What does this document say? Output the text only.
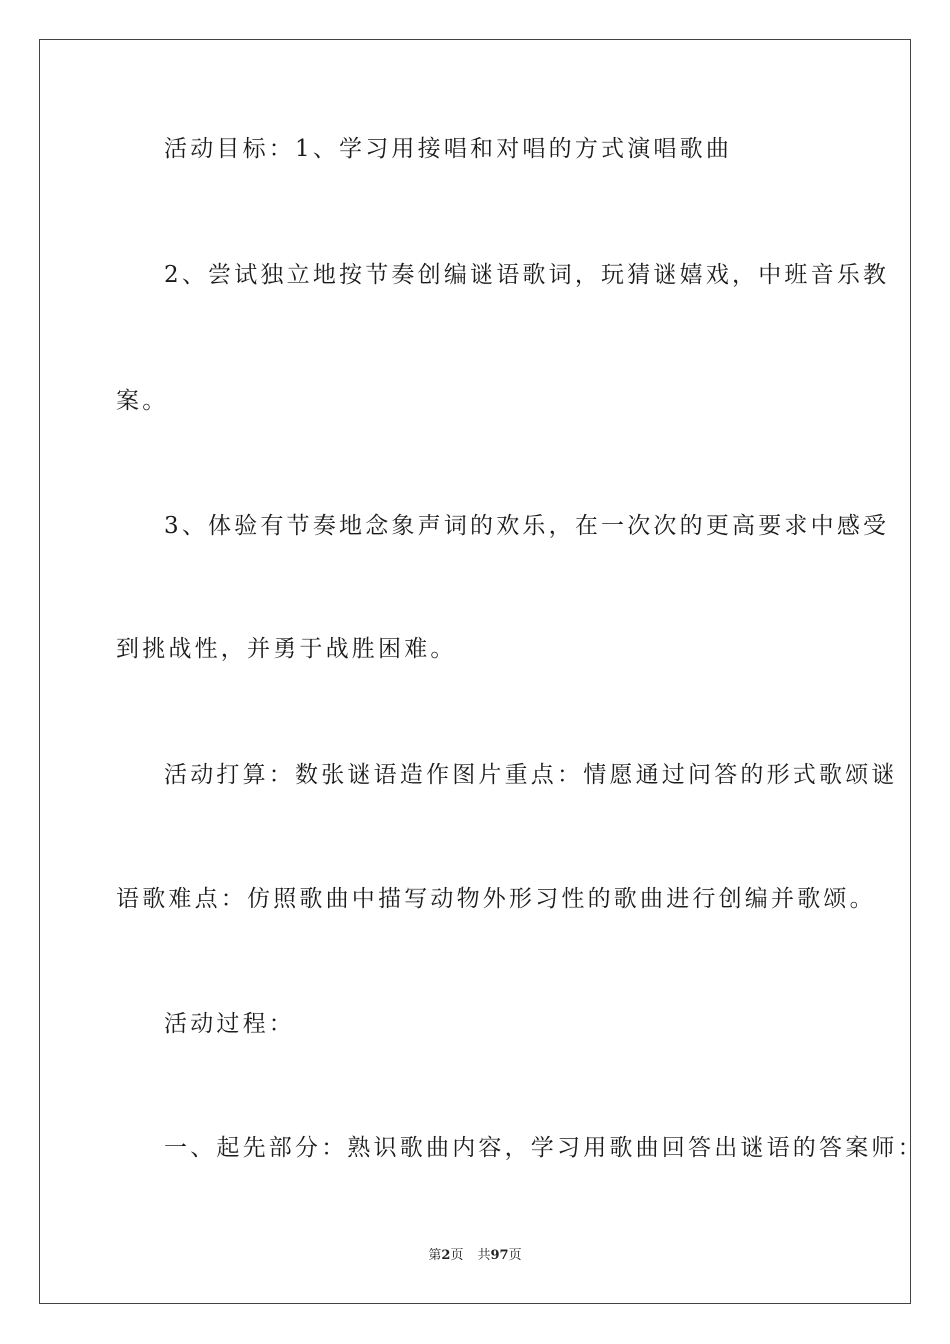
活动目标：1、学习用接唱和对唱的方式演唱歌曲
2、尝试独立地按节奏创编谜语歌词，玩猜谜嬉戏，中班音乐教
案。
3、体验有节奏地念象声词的欢乐，在一次次的更高要求中感受
到挑战性，并勇于战胜困难。
活动打算：数张谜语造作图片重点：情愿通过问答的形式歌颂谜
语歌难点：仿照歌曲中描写动物外形习性的歌曲进行创编并歌颂。
活动过程：
一、起先部分：熟识歌曲内容，学习用歌曲回答出谜语的答案师：
第2页 共97页
